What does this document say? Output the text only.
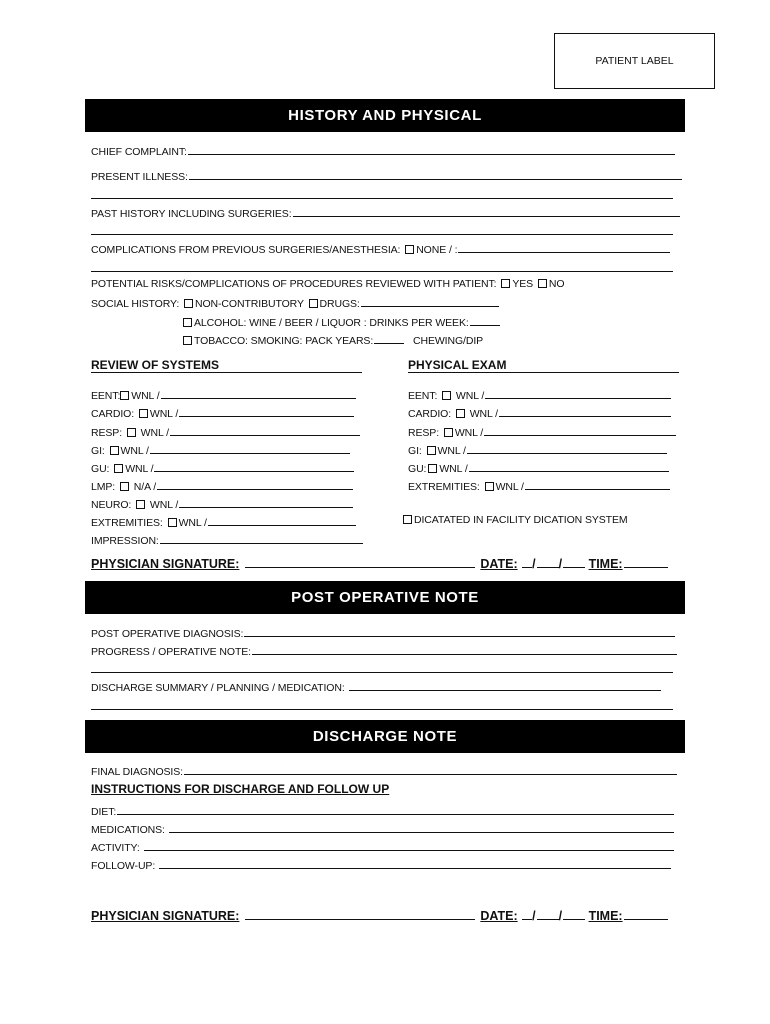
PATIENT LABEL
HISTORY AND PHYSICAL
CHIEF COMPLAINT:
PRESENT ILLNESS:
PAST HISTORY INCLUDING SURGERIES:
COMPLICATIONS FROM PREVIOUS SURGERIES/ANESTHESIA: NONE / :
POTENTIAL RISKS/COMPLICATIONS OF PROCEDURES REVIEWED WITH PATIENT: YES NO
SOCIAL HISTORY: NON-CONTRIBUTORY DRUGS:
ALCOHOL: WINE / BEER / LIQUOR : DRINKS PER WEEK:
TOBACCO: SMOKING: PACK YEARS:	CHEWING/DIP
REVIEW OF SYSTEMS	PHYSICAL EXAM
EENT: WNL /
CARDIO: WNL /
RESP: WNL /
GI: WNL /
GU: WNL /
LMP: N/A /
NEURO: WNL /
EXTREMITIES: WNL /
IMPRESSION:
EENT: WNL /
CARDIO: WNL /
RESP: WNL /
GI: WNL /
GU: WNL /
EXTREMITIES: WNL /
DICATATED IN FACILITY DICATION SYSTEM
PHYSICIAN SIGNATURE:	DATE: / / TIME:
POST OPERATIVE NOTE
POST OPERATIVE DIAGNOSIS:
PROGRESS / OPERATIVE NOTE:
DISCHARGE SUMMARY / PLANNING / MEDICATION:
DISCHARGE NOTE
FINAL DIAGNOSIS:
INSTRUCTIONS FOR DISCHARGE AND FOLLOW UP
DIET:
MEDICATIONS:
ACTIVITY:
FOLLOW-UP:
PHYSICIAN SIGNATURE:	DATE: / / TIME:
